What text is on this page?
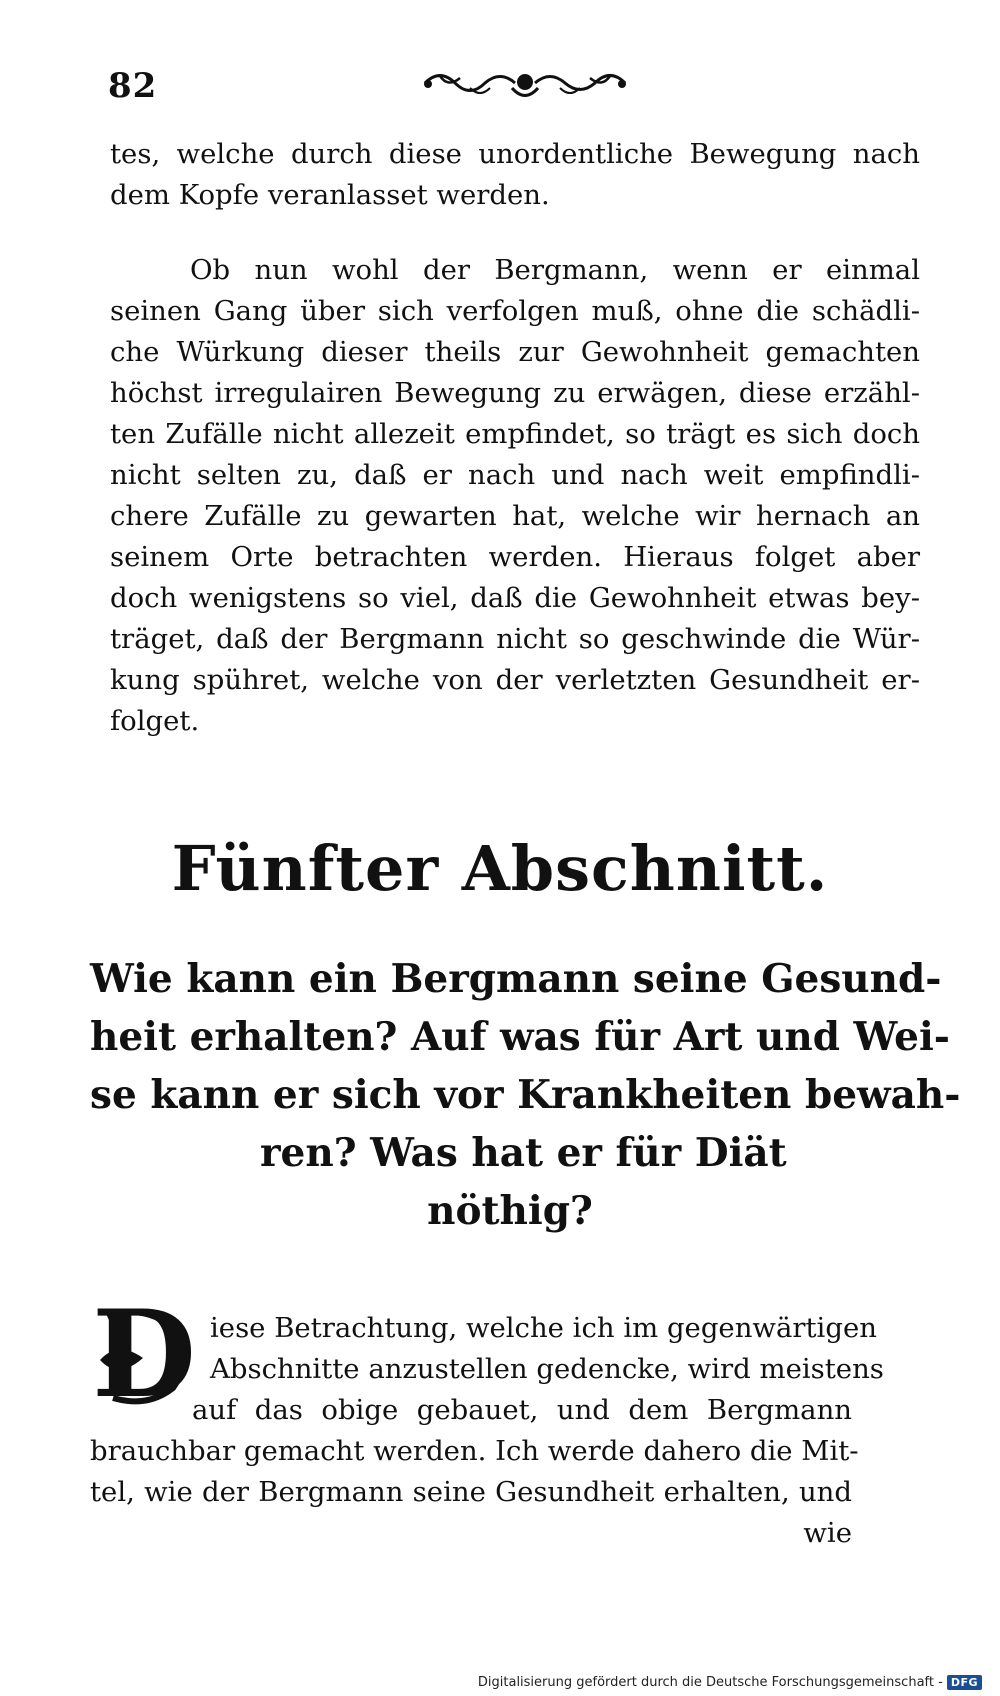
82
tes, welche durch diese unordentliche Bewegung nach
dem Kopfe veranlasset werden.
Ob nun wohl der Bergmann, wenn er einmal
seinen Gang über sich verfolgen muß, ohne die schädli-
che Würkung dieser theils zur Gewohnheit gemachten
höchst irregulairen Bewegung zu erwägen, diese erzähl-
ten Zufälle nicht allezeit empfindet, so trägt es sich doch
nicht selten zu, daß er nach und nach weit empfindli-
chere Zufälle zu gewarten hat, welche wir hernach an
seinem Orte betrachten werden. Hieraus folget aber
doch wenigstens so viel, daß die Gewohnheit etwas bey-
träget, daß der Bergmann nicht so geschwinde die Wür-
kung spühret, welche von der verletzten Gesundheit er-
folget.
Fünfter Abschnitt.
Wie kann ein Bergmann seine Gesund-
heit erhalten? Auf was für Art und Wei-
se kann er sich vor Krankheiten bewah-
ren? Was hat er für Diät
nöthig?
D iese Betrachtung, welche ich im gegenwärtigen
Abschnitte anzustellen gedencke, wird meistens
auf das obige gebauet, und dem Bergmann
brauchbar gemacht werden. Ich werde dahero die Mit-
tel, wie der Bergmann seine Gesundheit erhalten, und
wie
Digitalisierung gefördert durch die Deutsche Forschungsgemeinschaft - DFG
